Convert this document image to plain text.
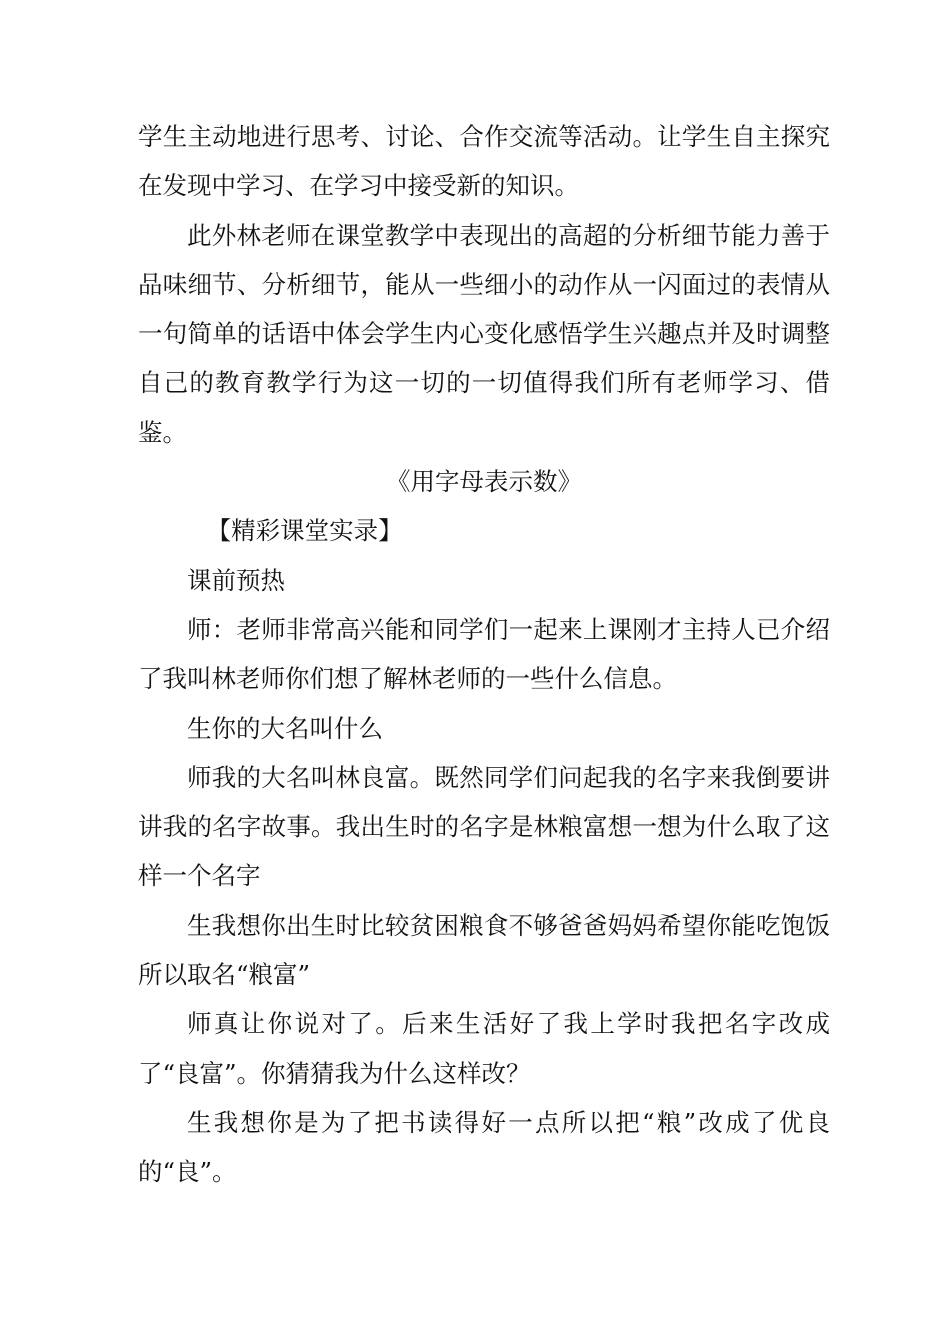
学生主动地进行思考、讨论、合作交流等活动。让学生自主探究在发现中学习、在学习中接受新的知识。

此外林老师在课堂教学中表现出的高超的分析细节能力善于品味细节、分析细节，能从一些细小的动作从一闪面过的表情从一句简单的话语中体会学生内心变化感悟学生兴趣点并及时调整自己的教育教学行为这一切的一切值得我们所有老师学习、借鉴。

《用字母表示数》

【精彩课堂实录】

课前预热

师：老师非常高兴能和同学们一起来上课刚才主持人已介绍了我叫林老师你们想了解林老师的一些什么信息。

生你的大名叫什么

师我的大名叫林良富。既然同学们问起我的名字来我倒要讲讲我的名字故事。我出生时的名字是林粮富想一想为什么取了这样一个名字

生我想你出生时比较贫困粮食不够爸爸妈妈希望你能吃饱饭所以取名“粮富”

师真让你说对了。后来生活好了我上学时我把名字改成了“良富”。你猜猜我为什么这样改？

生我想你是为了把书读得好一点所以把“粮”改成了优良的“良”。
